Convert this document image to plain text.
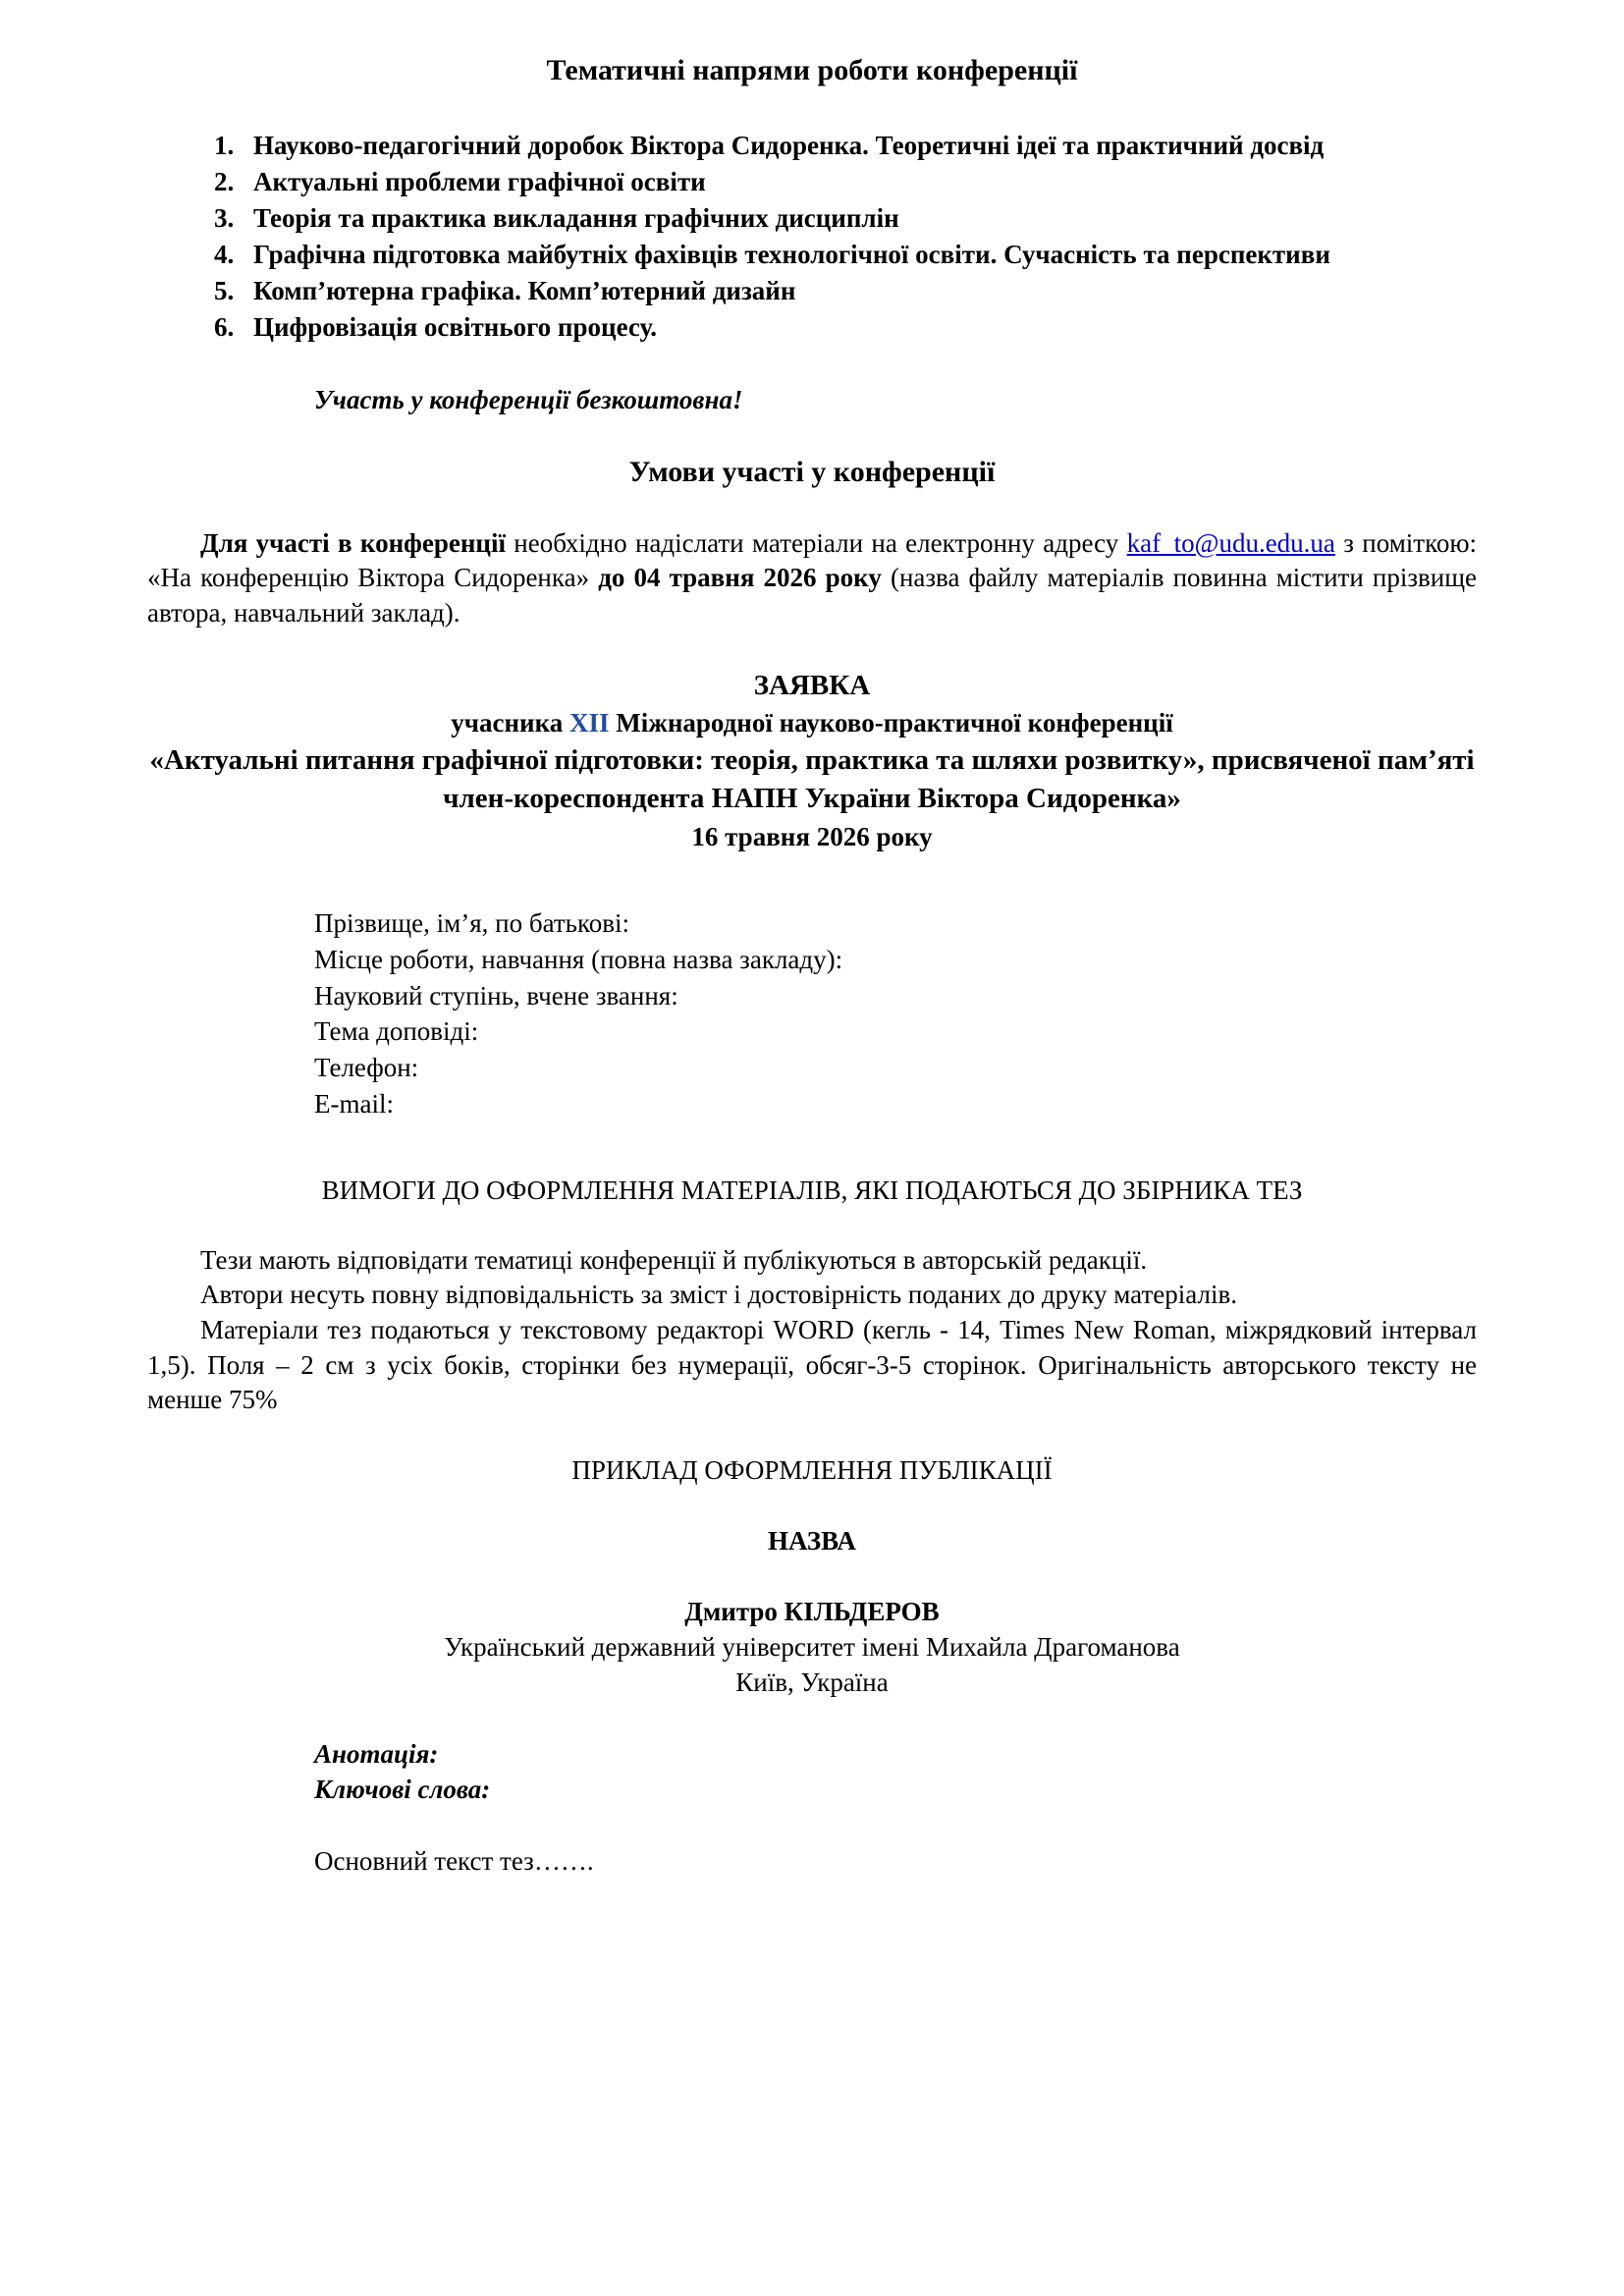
Тематичні напрями роботи конференції
Науково-педагогічний доробок Віктора Сидоренка. Теоретичні ідеї та практичний досвід
Актуальні проблеми графічної освіти
Теорія та практика викладання графічних дисциплін
Графічна підготовка майбутніх фахівців технологічної освіти. Сучасність та перспективи
Комп’ютерна графіка. Комп’ютерний дизайн
Цифровізація освітнього процесу.
Участь у конференції безкоштовна!
Умови участі у конференції

Для участі в конференції необхідно надіслати матеріали на електронну адресу kaf_to@udu.edu.ua з поміткою: «На конференцію Віктора Сидоренка» до 04 травня 2026 року (назва файлу матеріалів повинна містити прізвище автора, навчальний заклад).

ЗАЯВКА
учасника XII Міжнародної науково-практичної конференції
«Актуальні питання графічної підготовки: теорія, практика та шляхи розвитку», присвяченої пам’яті член-кореспондента НАПН України Віктора Сидоренка»
16 травня 2026 року
Прізвище, ім’я, по батькові:
Місце роботи, навчання (повна назва закладу):
Науковий ступінь, вчене звання:
Тема доповіді:
Телефон:
E-mail:
ВИМОГИ ДО ОФОРМЛЕННЯ МАТЕРІАЛІВ, ЯКІ ПОДАЮТЬСЯ ДО ЗБІРНИКА ТЕЗ

Тези мають відповідати тематиці конференції й публікуються в авторській редакції.

Автори несуть повну відповідальність за зміст і достовірність поданих до друку матеріалів.

Матеріали тез подаються у текстовому редакторі WORD (кегль - 14, Times New Roman, міжрядковий інтервал 1,5). Поля – 2 см з усіх боків, сторінки без нумерації, обсяг-3-5 сторінок. Оригінальність авторського тексту не менше 75%

ПРИКЛАД ОФОРМЛЕННЯ ПУБЛІКАЦІЇ
НАЗВА
Дмитро КІЛЬДЕРОВ
Український державний університет імені Михайла Драгоманова
Київ, Україна
Анотація:
Ключові слова:
Основний текст тез…….
